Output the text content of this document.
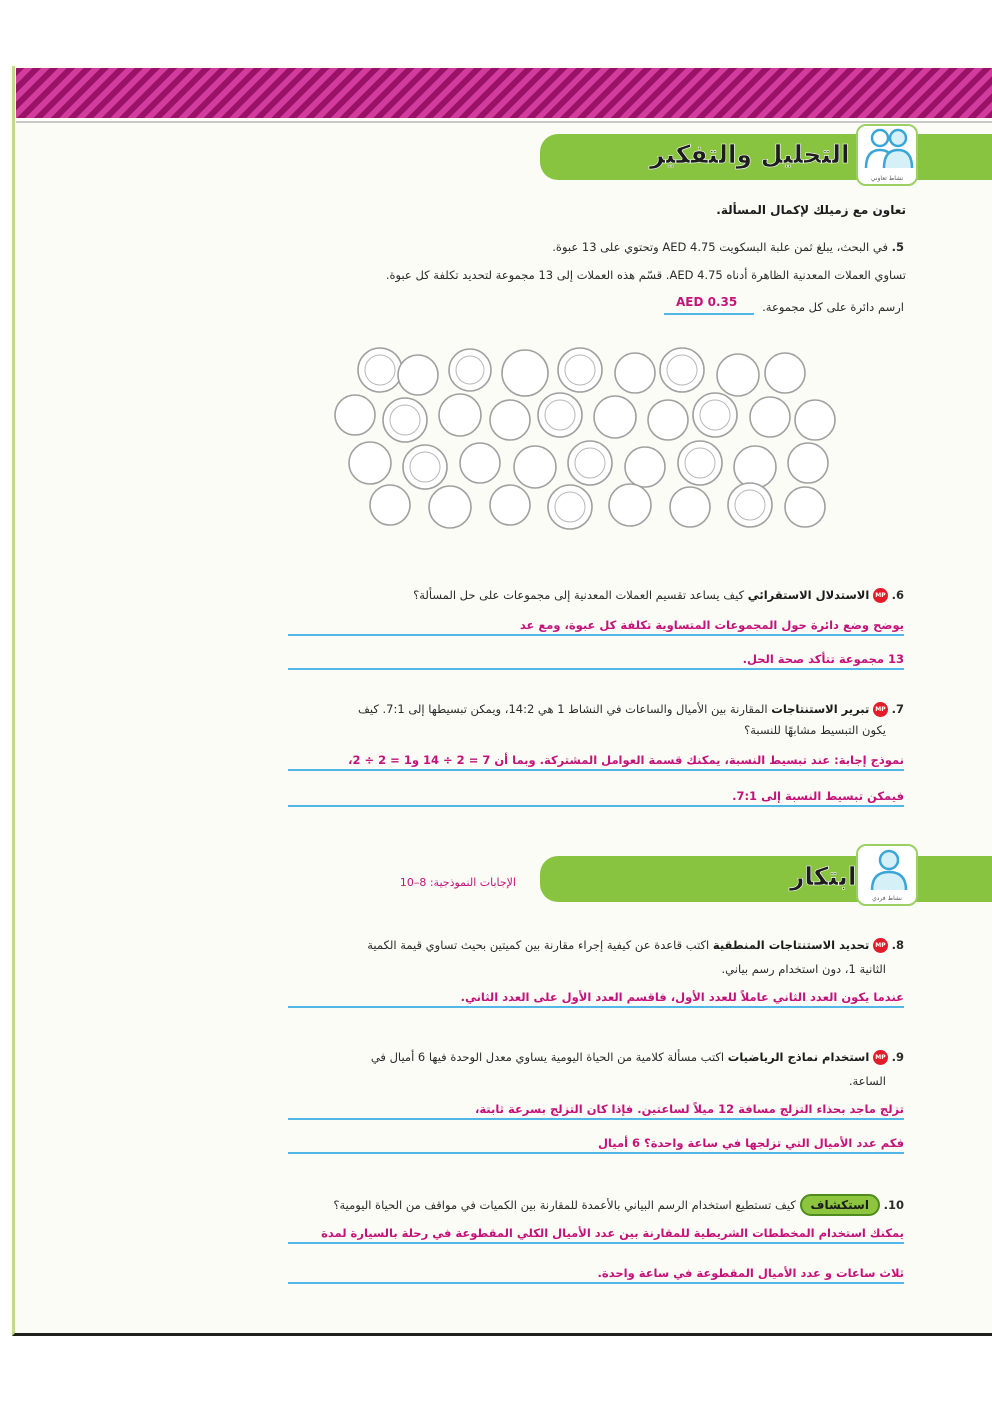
التحليل والتفكير
نشاط تعاوني
تعاون مع زميلك لإكمال المسألة.
5. في البحث، يبلغ ثمن علبة البسكويت 4.75 AED وتحتوي على 13 عبوة.
تساوي العملات المعدنية الظاهرة أدناه 4.75 AED. قسّم هذه العملات إلى 13 مجموعة لتحديد تكلفة كل عبوة.
ارسم دائرة على كل مجموعة.
AED 0.35
6. MP الاستدلال الاستقرائي كيف يساعد تقسيم العملات المعدنية إلى مجموعات على حل المسألة؟
يوضح وضع دائرة حول المجموعات المتساوية تكلفة كل عبوة، ومع عد
13 مجموعة تتأكد صحة الحل.
7. MP تبرير الاستنتاجات المقارنة بين الأميال والساعات في النشاط 1 هي 14:2، ويمكن تبسيطها إلى 7:1. كيف
يكون التبسيط مشابهًا للنسبة؟
نموذج إجابة: عند تبسيط النسبة، يمكنك قسمة العوامل المشتركة. وبما أن 7 = 2 ÷ 14 و1 = 2 ÷ 2،
فيمكن تبسيط النسبة إلى 7:1.
ابتكار
الإجابات النموذجية: 8–10
نشاط فردي
8. MP تحديد الاستنتاجات المنطقية اكتب قاعدة عن كيفية إجراء مقارنة بين كميتين بحيث تساوي قيمة الكمية
الثانية 1، دون استخدام رسم بياني.
عندما يكون العدد الثاني عاملاً للعدد الأول، فاقسم العدد الأول على العدد الثاني.
9. MP استخدام نماذج الرياضيات اكتب مسألة كلامية من الحياة اليومية يساوي معدل الوحدة فيها 6 أميال في
الساعة.
تزلج ماجد بحذاء التزلج مسافة 12 ميلاً لساعتين. فإذا كان التزلج بسرعة ثابتة،
فكم عدد الأميال التي تزلجها في ساعة واحدة؟ 6 أميال
10. استكشاف كيف تستطيع استخدام الرسم البياني بالأعمدة للمقارنة بين الكميات في مواقف من الحياة اليومية؟
يمكنك استخدام المخططات الشريطية للمقارنة بين عدد الأميال الكلي المقطوعة في رحلة بالسيارة لمدة
ثلاث ساعات و عدد الأميال المقطوعة في ساعة واحدة.
